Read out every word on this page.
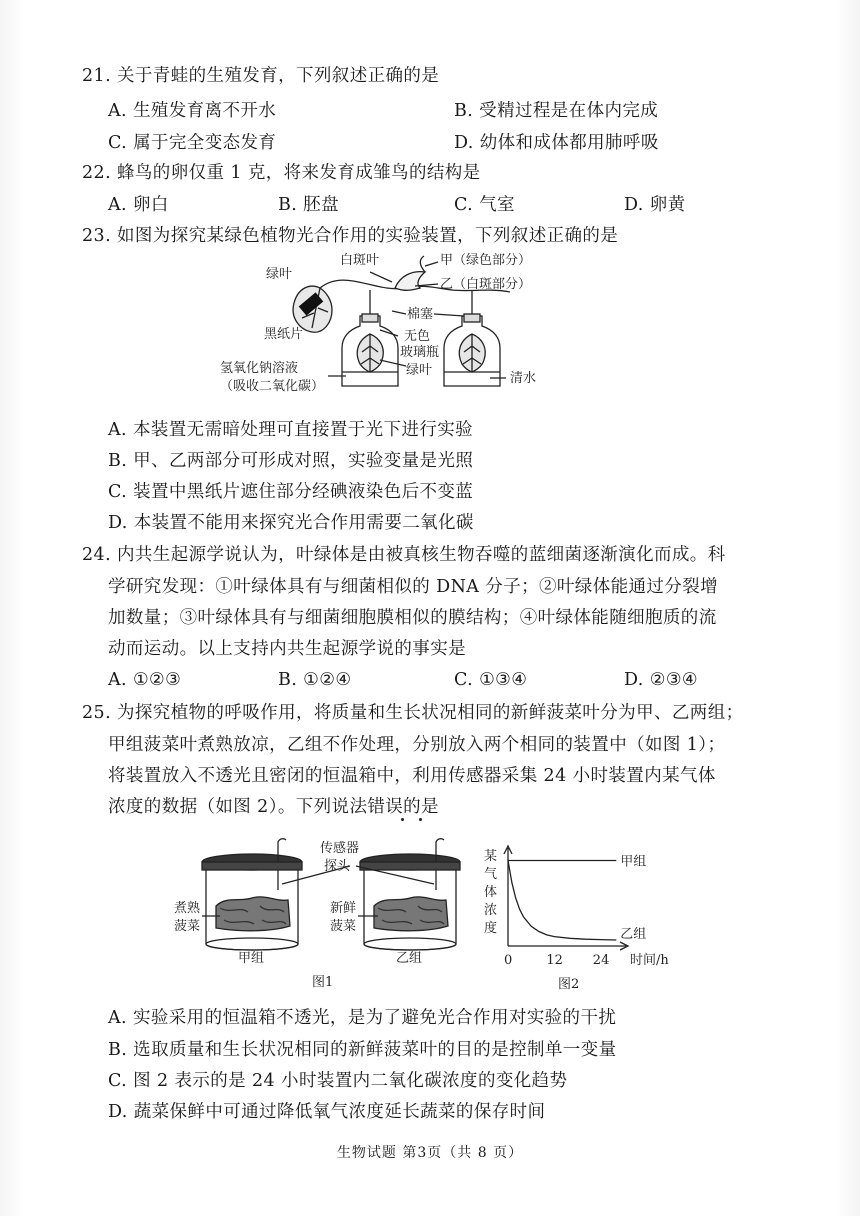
21. 关于青蛙的生殖发育，下列叙述正确的是
A. 生殖发育离不开水	B. 受精过程是在体内完成
C. 属于完全变态发育	D. 幼体和成体都用肺呼吸
22. 蜂鸟的卵仅重 1 克，将来发育成雏鸟的结构是
A. 卵白	B. 胚盘	C. 气室	D. 卵黄
23. 如图为探究某绿色植物光合作用的实验装置，下列叙述正确的是
绿叶
白斑叶	甲（绿色部分）
乙（白斑部分）
黑纸片
棉塞
无色
玻璃瓶
氢氧化钠溶液
（吸收二氧化碳）
绿叶
清水
A. 本装置无需暗处理可直接置于光下进行实验
B. 甲、乙两部分可形成对照，实验变量是光照
C. 装置中黑纸片遮住部分经碘液染色后不变蓝
D. 本装置不能用来探究光合作用需要二氧化碳
24. 内共生起源学说认为，叶绿体是由被真核生物吞噬的蓝细菌逐渐演化而成。科
学研究发现：①叶绿体具有与细菌相似的 DNA 分子；②叶绿体能通过分裂增
加数量；③叶绿体具有与细菌细胞膜相似的膜结构；④叶绿体能随细胞质的流
动而运动。以上支持内共生起源学说的事实是
A. ①②③	B. ①②④	C. ①③④	D. ②③④
25. 为探究植物的呼吸作用，将质量和生长状况相同的新鲜菠菜叶分为甲、乙两组；
甲组菠菜叶煮熟放凉，乙组不作处理，分别放入两个相同的装置中（如图 1）；
将装置放入不透光且密闭的恒温箱中，利用传感器采集 24 小时装置内某气体
浓度的数据（如图 2）。下列说法错误的是
传感器
探头
煮熟
菠菜
新鲜
菠菜
甲组	乙组
图1
某
气
体
浓
度
时间/h
图2
甲组
乙组
0	12 24
A. 实验采用的恒温箱不透光，是为了避免光合作用对实验的干扰
B. 选取质量和生长状况相同的新鲜菠菜叶的目的是控制单一变量
C. 图 2 表示的是 24 小时装置内二氧化碳浓度的变化趋势
D. 蔬菜保鲜中可通过降低氧气浓度延长蔬菜的保存时间
生物试题 第3页（共 8 页）
